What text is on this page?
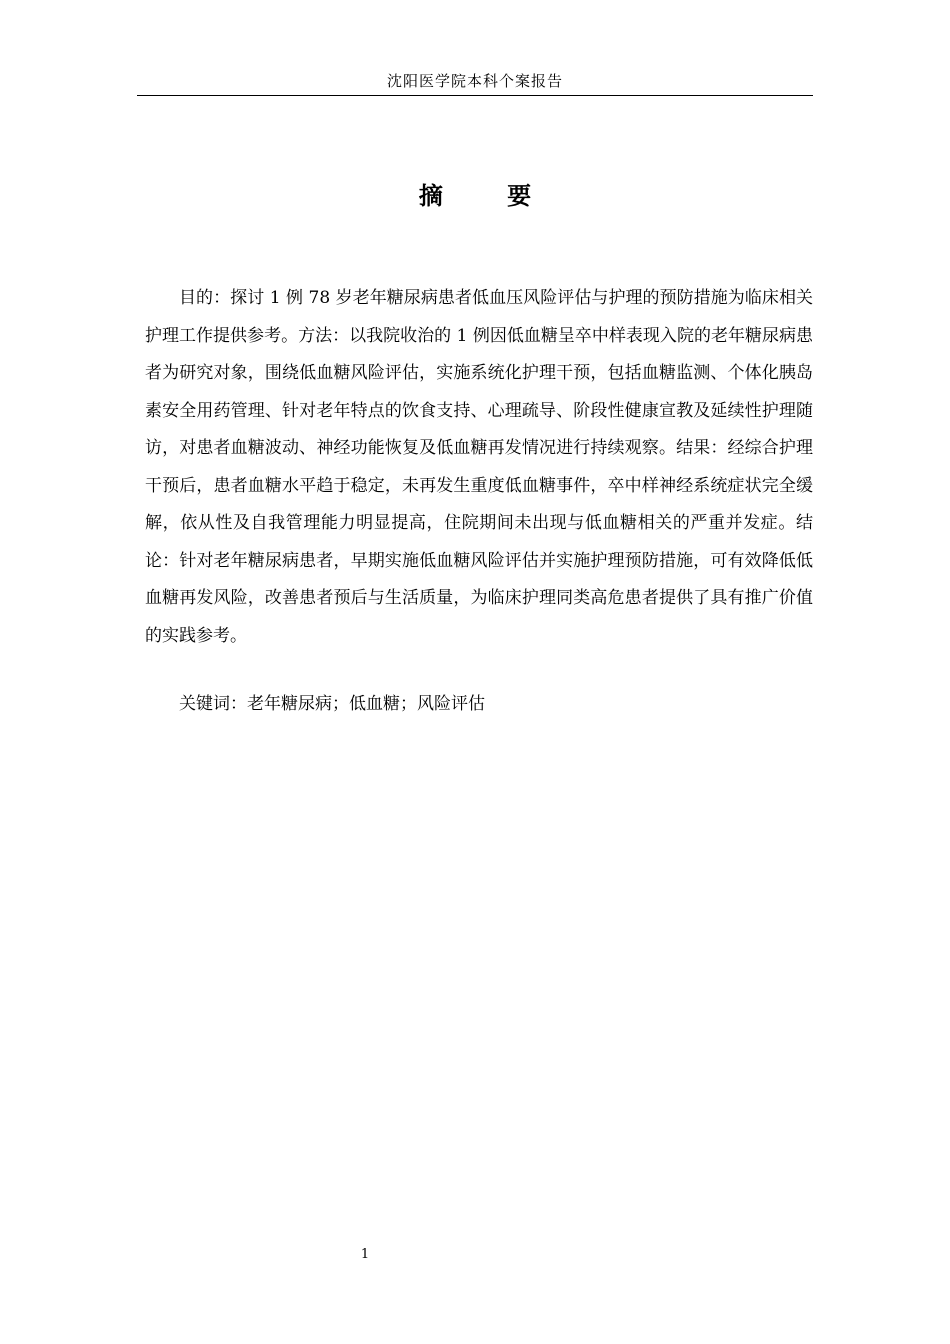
沈阳医学院本科个案报告
摘 要
目的：探讨 1 例 78 岁老年糖尿病患者低血压风险评估与护理的预防措施为临床相关护理工作提供参考。方法：以我院收治的 1 例因低血糖呈卒中样表现入院的老年糖尿病患者为研究对象，围绕低血糖风险评估，实施系统化护理干预，包括血糖监测、个体化胰岛素安全用药管理、针对老年特点的饮食支持、心理疏导、阶段性健康宣教及延续性护理随访，对患者血糖波动、神经功能恢复及低血糖再发情况进行持续观察。结果：经综合护理干预后，患者血糖水平趋于稳定，未再发生重度低血糖事件，卒中样神经系统症状完全缓解，依从性及自我管理能力明显提高，住院期间未出现与低血糖相关的严重并发症。结论：针对老年糖尿病患者，早期实施低血糖风险评估并实施护理预防措施，可有效降低低血糖再发风险，改善患者预后与生活质量，为临床护理同类高危患者提供了具有推广价值的实践参考。
关键词：老年糖尿病；低血糖；风险评估
1
